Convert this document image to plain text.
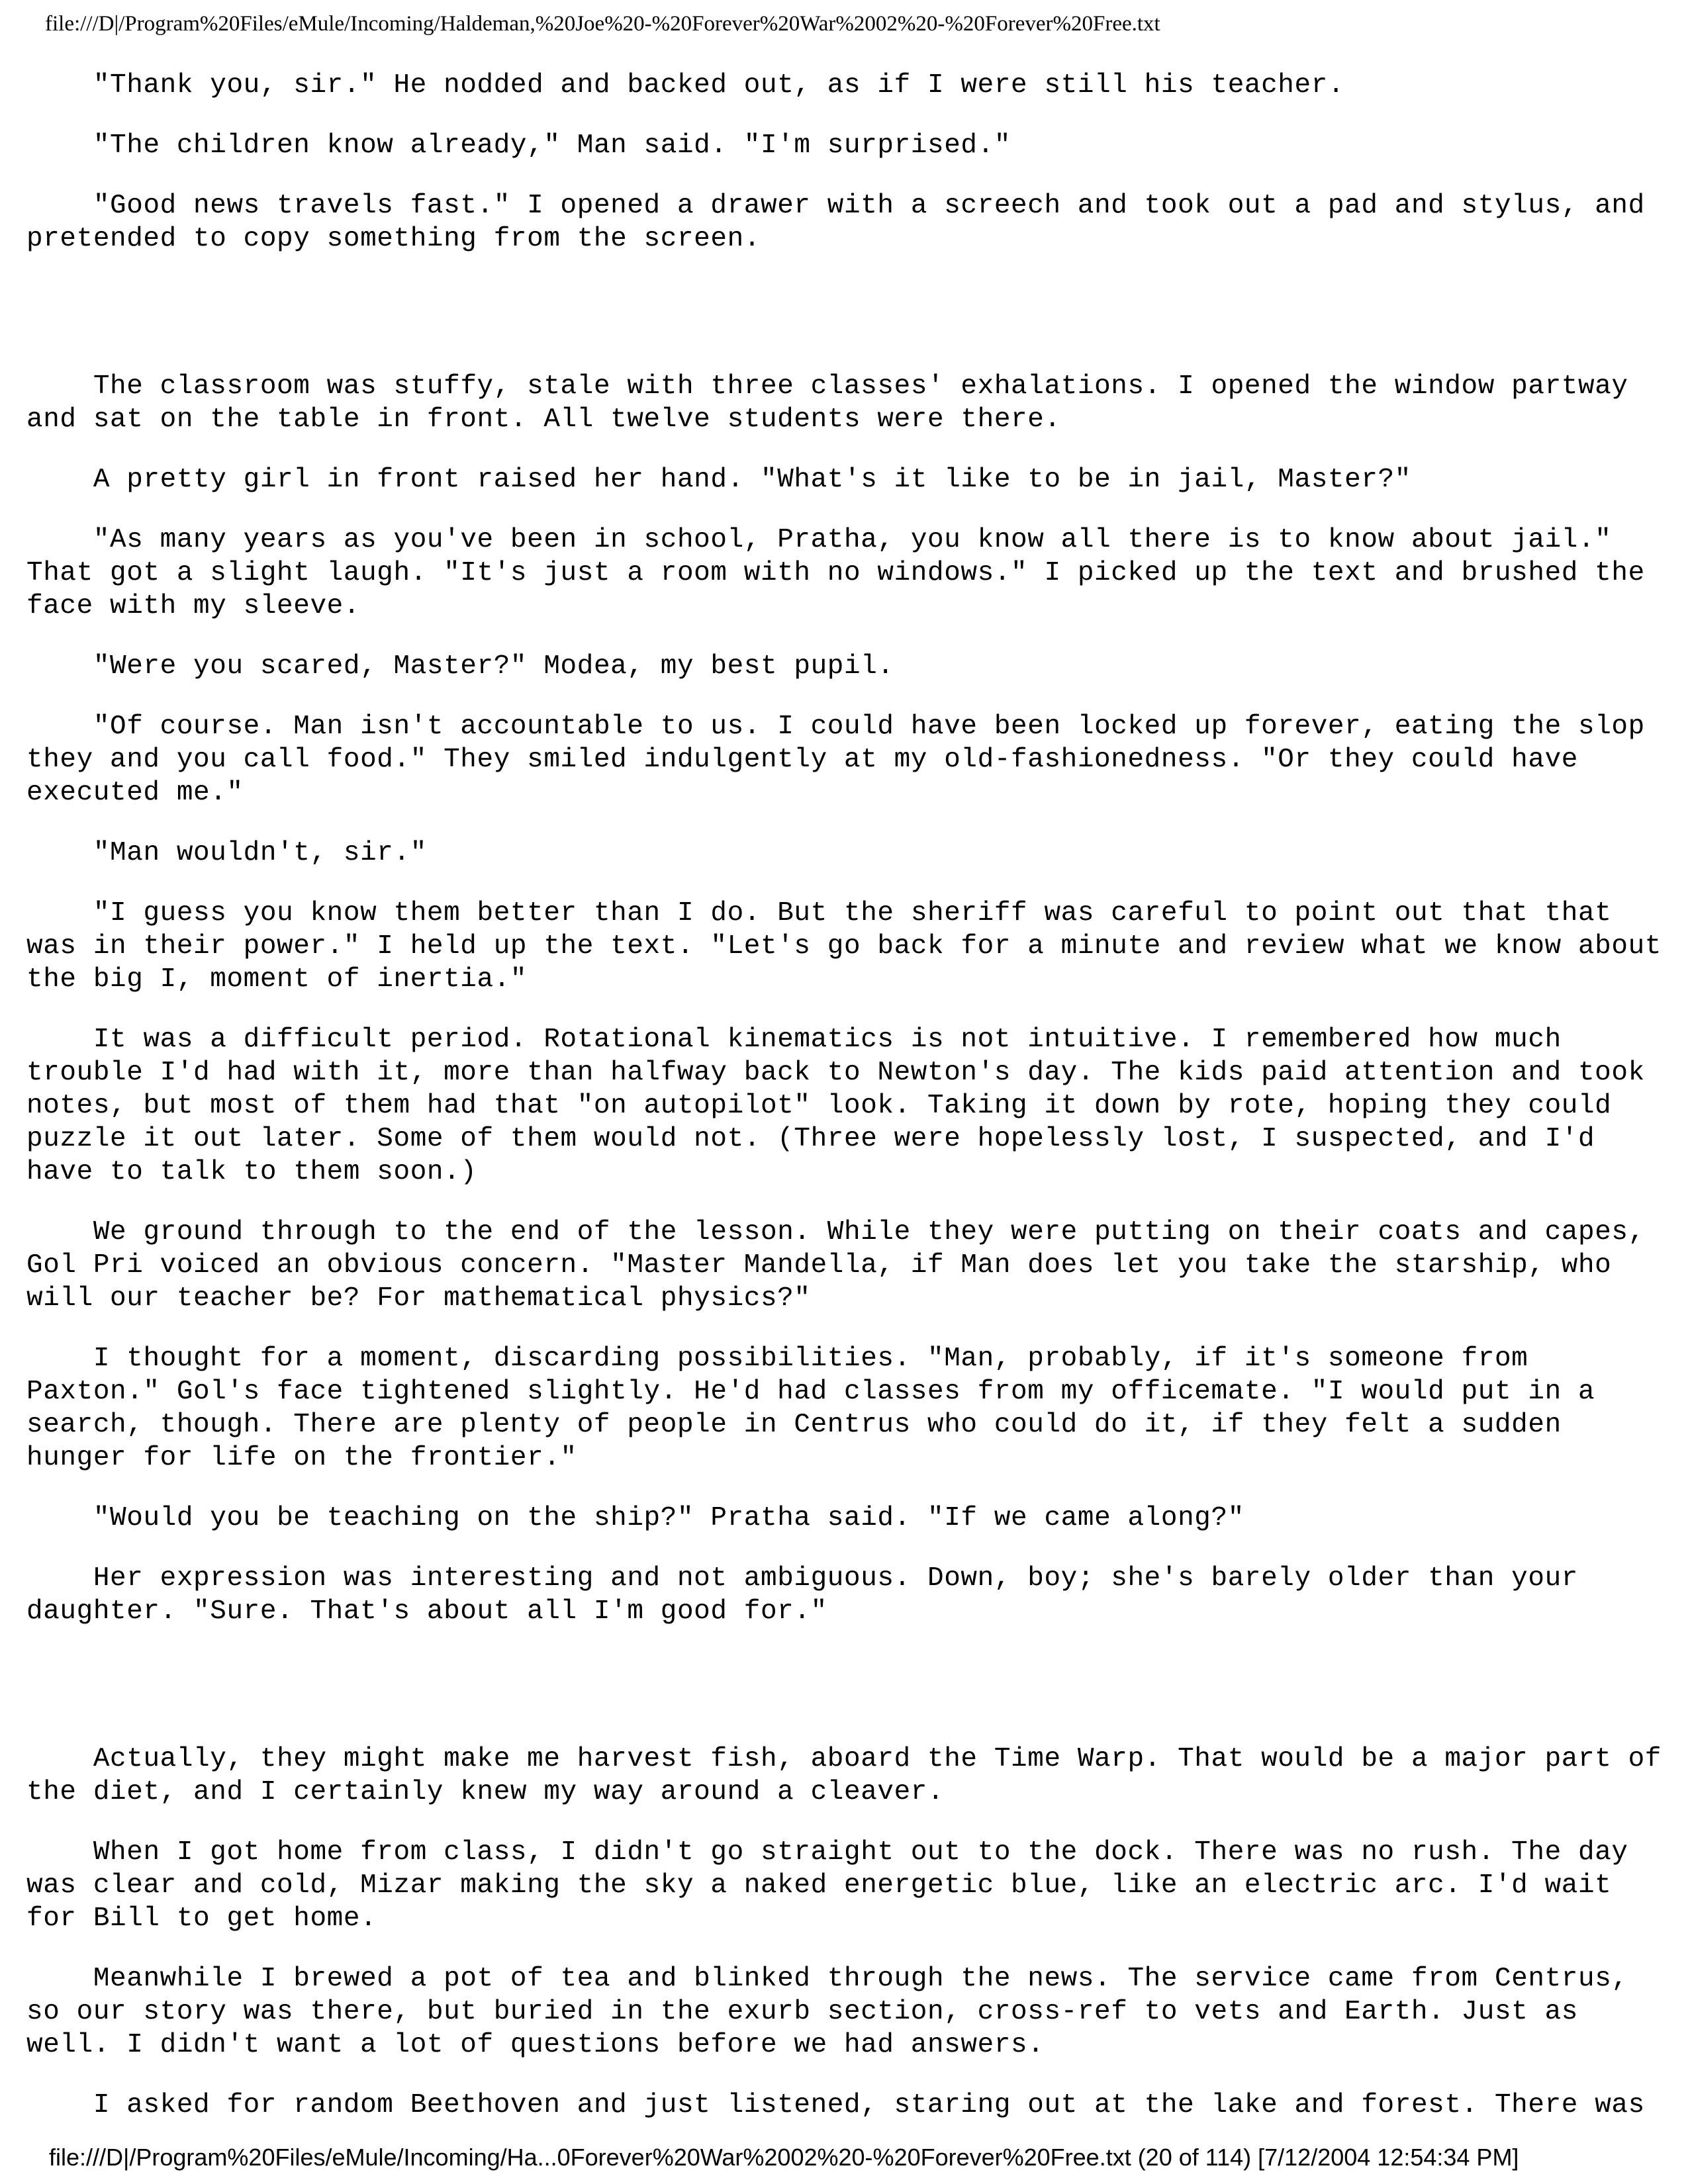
file:///D|/Program%20Files/eMule/Incoming/Haldeman,%20Joe%20-%20Forever%20War%2002%20-%20Forever%20Free.txt

"Thank you, sir." He nodded and backed out, as if I were still his teacher.

"The children know already," Man said. "I'm surprised."

"Good news travels fast." I opened a drawer with a screech and took out a pad and stylus, and pretended to copy something from the screen.

The classroom was stuffy, stale with three classes' exhalations. I opened the window partway and sat on the table in front. All twelve students were there.

A pretty girl in front raised her hand. "What's it like to be in jail, Master?"

"As many years as you've been in school, Pratha, you know all there is to know about jail." That got a slight laugh. "It's just a room with no windows." I picked up the text and brushed the face with my sleeve.

"Were you scared, Master?" Modea, my best pupil.

"Of course. Man isn't accountable to us. I could have been locked up forever, eating the slop they and you call food." They smiled indulgently at my old-fashionedness. "Or they could have executed me."

"Man wouldn't, sir."

"I guess you know them better than I do. But the sheriff was careful to point out that that was in their power." I held up the text. "Let's go back for a minute and review what we know about the big I, moment of inertia."

It was a difficult period. Rotational kinematics is not intuitive. I remembered how much trouble I'd had with it, more than halfway back to Newton's day. The kids paid attention and took notes, but most of them had that "on autopilot" look. Taking it down by rote, hoping they could puzzle it out later. Some of them would not. (Three were hopelessly lost, I suspected, and I'd have to talk to them soon.)

We ground through to the end of the lesson. While they were putting on their coats and capes, Gol Pri voiced an obvious concern. "Master Mandella, if Man does let you take the starship, who will our teacher be? For mathematical physics?"

I thought for a moment, discarding possibilities. "Man, probably, if it's someone from Paxton." Gol's face tightened slightly. He'd had classes from my officemate. "I would put in a search, though. There are plenty of people in Centrus who could do it, if they felt a sudden hunger for life on the frontier."

"Would you be teaching on the ship?" Pratha said. "If we came along?"

Her expression was interesting and not ambiguous. Down, boy; she's barely older than your daughter. "Sure. That's about all I'm good for."

Actually, they might make me harvest fish, aboard the Time Warp. That would be a major part of the diet, and I certainly knew my way around a cleaver.

When I got home from class, I didn't go straight out to the dock. There was no rush. The day was clear and cold, Mizar making the sky a naked energetic blue, like an electric arc. I'd wait for Bill to get home.

Meanwhile I brewed a pot of tea and blinked through the news. The service came from Centrus, so our story was there, but buried in the exurb section, cross-ref to vets and Earth. Just as well. I didn't want a lot of questions before we had answers.

I asked for random Beethoven and just listened, staring out at the lake and forest. There was

file:///D|/Program%20Files/eMule/Incoming/Ha...0Forever%20War%2002%20-%20Forever%20Free.txt (20 of 114) [7/12/2004 12:54:34 PM]
